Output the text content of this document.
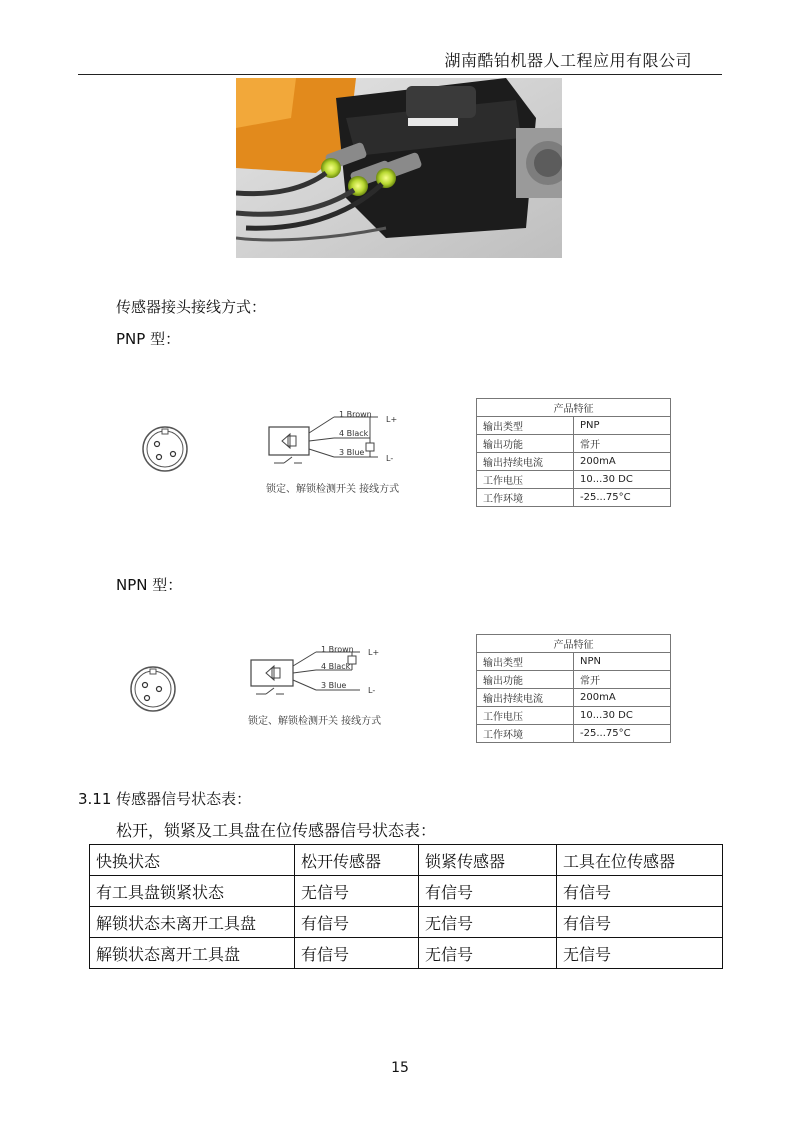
湖南酷铂机器人工程应用有限公司
传感器接头接线方式：
PNP 型：
1 Brown
4 Black
3 Blue
L+
L-
锁定、解锁检测开关 接线方式
产品特征	
输出类型	PNP
输出功能	常开
输出持续电流	200mA
工作电压	10...30 DC
工作环境	-25...75°C
NPN 型：
1 Brown
4 Black
3 Blue
L+
L-
锁定、解锁检测开关 接线方式
产品特征	
输出类型	NPN
输出功能	常开
输出持续电流	200mA
工作电压	10...30 DC
工作环境	-25...75°C
3.11 传感器信号状态表：
松开，锁紧及工具盘在位传感器信号状态表：
快换状态	松开传感器	锁紧传感器	工具在位传感器
有工具盘锁紧状态	无信号	有信号	有信号
解锁状态未离开工具盘	有信号	无信号	有信号
解锁状态离开工具盘	有信号	无信号	无信号
15
